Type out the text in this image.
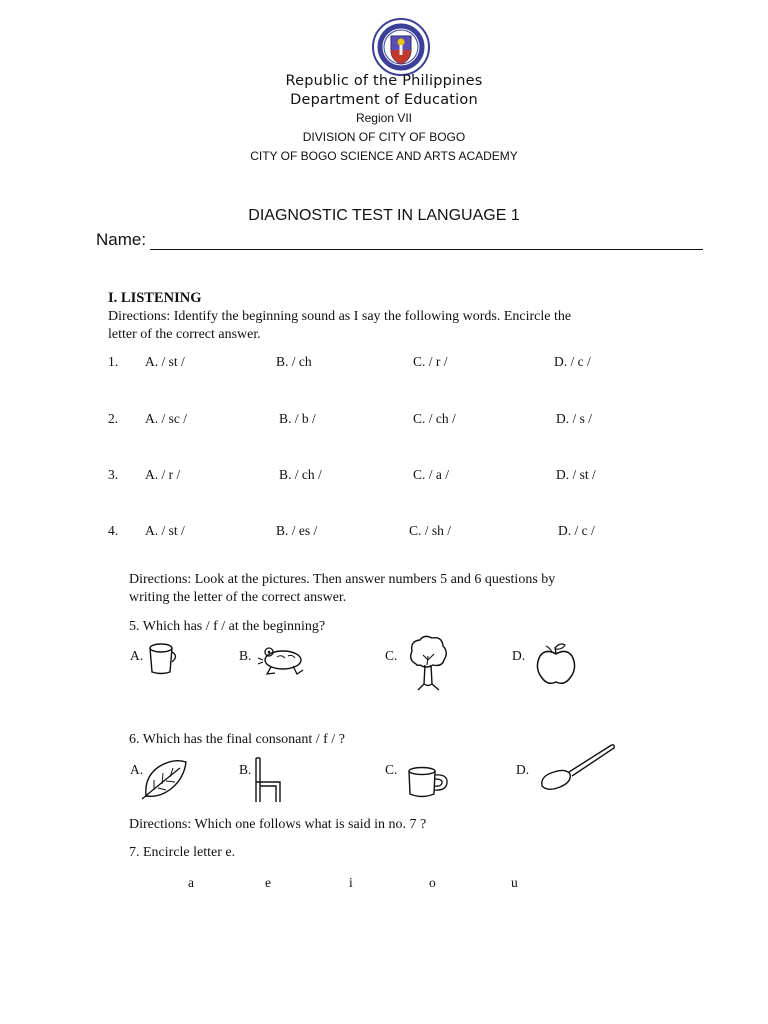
Republic of the Philippines
Department of Education
Region VII
DIVISION OF CITY OF BOGO
CITY OF BOGO SCIENCE AND ARTS ACADEMY
DIAGNOSTIC TEST IN LANGUAGE 1
Name:
I. LISTENING
Directions: Identify the beginning sound as I say the following words. Encircle the
letter of the correct answer.
1. A. / st /	B. / ch	C. / r /	D. / c /
2. A. / sc /	B. / b /	C. / ch /	D. / s /
3. A. / r /	B. / ch /	C. / a /	D. / st /
4. A. / st /	B. / es /	C. / sh /	D. / c /
Directions: Look at the pictures. Then answer numbers 5 and 6 questions by
writing the letter of the correct answer.
5. Which has / f / at the beginning?
A.	B.	C.	D.
6. Which has the final consonant / f / ?
A.	B.	C.	D.
Directions: Which one follows what is said in no. 7 ?
7. Encircle letter e.
a	e	i	o	u
